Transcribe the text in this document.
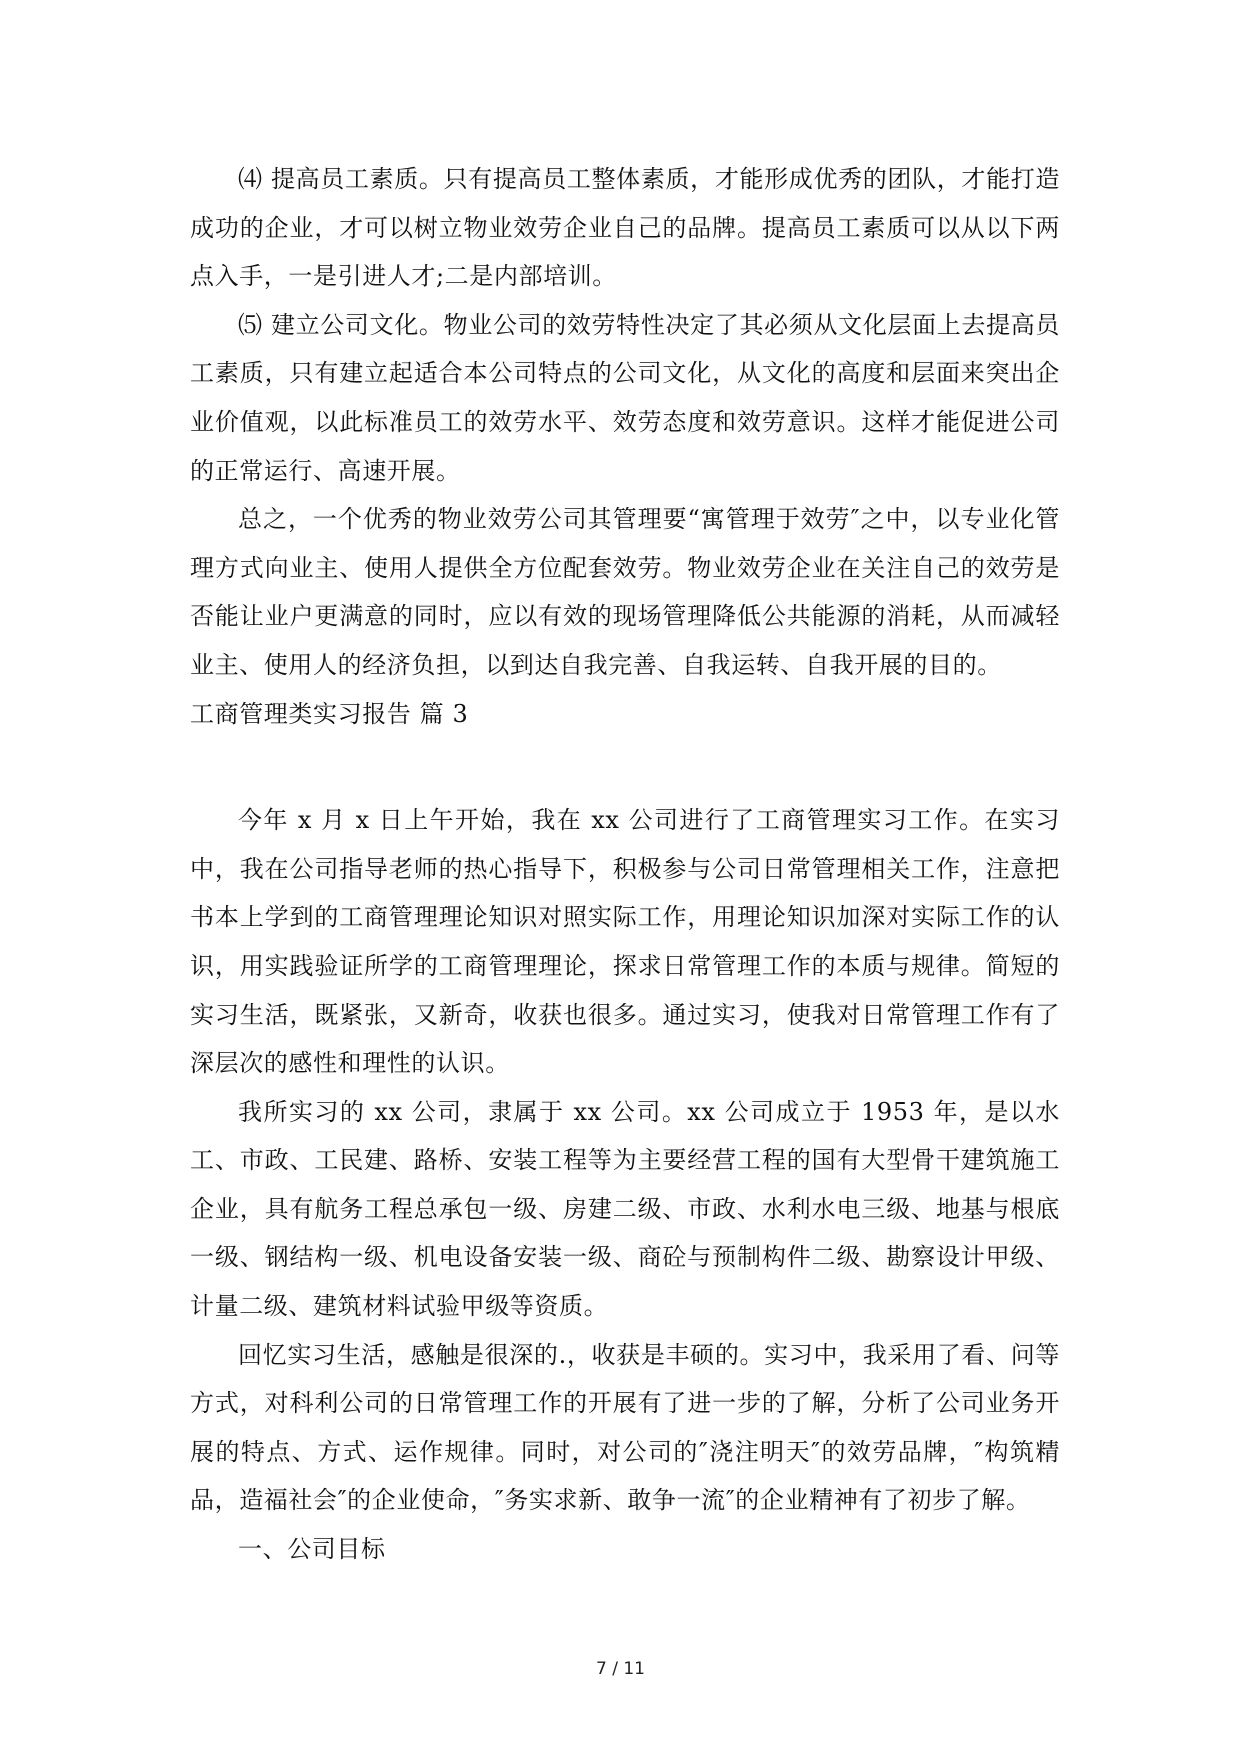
⑷ 提高员工素质。只有提高员工整体素质，才能形成优秀的团队，才能打造成功的企业，才可以树立物业效劳企业自己的品牌。提高员工素质可以从以下两点入手，一是引进人才;二是内部培训。

⑸ 建立公司文化。物业公司的效劳特性决定了其必须从文化层面上去提高员工素质，只有建立起适合本公司特点的公司文化，从文化的高度和层面来突出企业价值观，以此标准员工的效劳水平、效劳态度和效劳意识。这样才能促进公司的正常运行、高速开展。

总之，一个优秀的物业效劳公司其管理要“寓管理于效劳″之中，以专业化管理方式向业主、使用人提供全方位配套效劳。物业效劳企业在关注自己的效劳是否能让业户更满意的同时，应以有效的现场管理降低公共能源的消耗，从而减轻业主、使用人的经济负担，以到达自我完善、自我运转、自我开展的目的。

工商管理类实习报告 篇 3

今年 x 月 x 日上午开始，我在 xx 公司进行了工商管理实习工作。在实习中，我在公司指导老师的热心指导下，积极参与公司日常管理相关工作，注意把书本上学到的工商管理理论知识对照实际工作，用理论知识加深对实际工作的认识，用实践验证所学的工商管理理论，探求日常管理工作的本质与规律。简短的实习生活，既紧张，又新奇，收获也很多。通过实习，使我对日常管理工作有了深层次的感性和理性的认识。

我所实习的 xx 公司，隶属于 xx 公司。xx 公司成立于 1953 年，是以水工、市政、工民建、路桥、安装工程等为主要经营工程的国有大型骨干建筑施工企业，具有航务工程总承包一级、房建二级、市政、水利水电三级、地基与根底一级、钢结构一级、机电设备安装一级、商砼与预制构件二级、勘察设计甲级、计量二级、建筑材料试验甲级等资质。

回忆实习生活，感触是很深的.，收获是丰硕的。实习中，我采用了看、问等方式，对科利公司的日常管理工作的开展有了进一步的了解，分析了公司业务开展的特点、方式、运作规律。同时，对公司的″浇注明天″的效劳品牌，″构筑精品，造福社会″的企业使命，″务实求新、敢争一流″的企业精神有了初步了解。

一、公司目标

7 / 11
